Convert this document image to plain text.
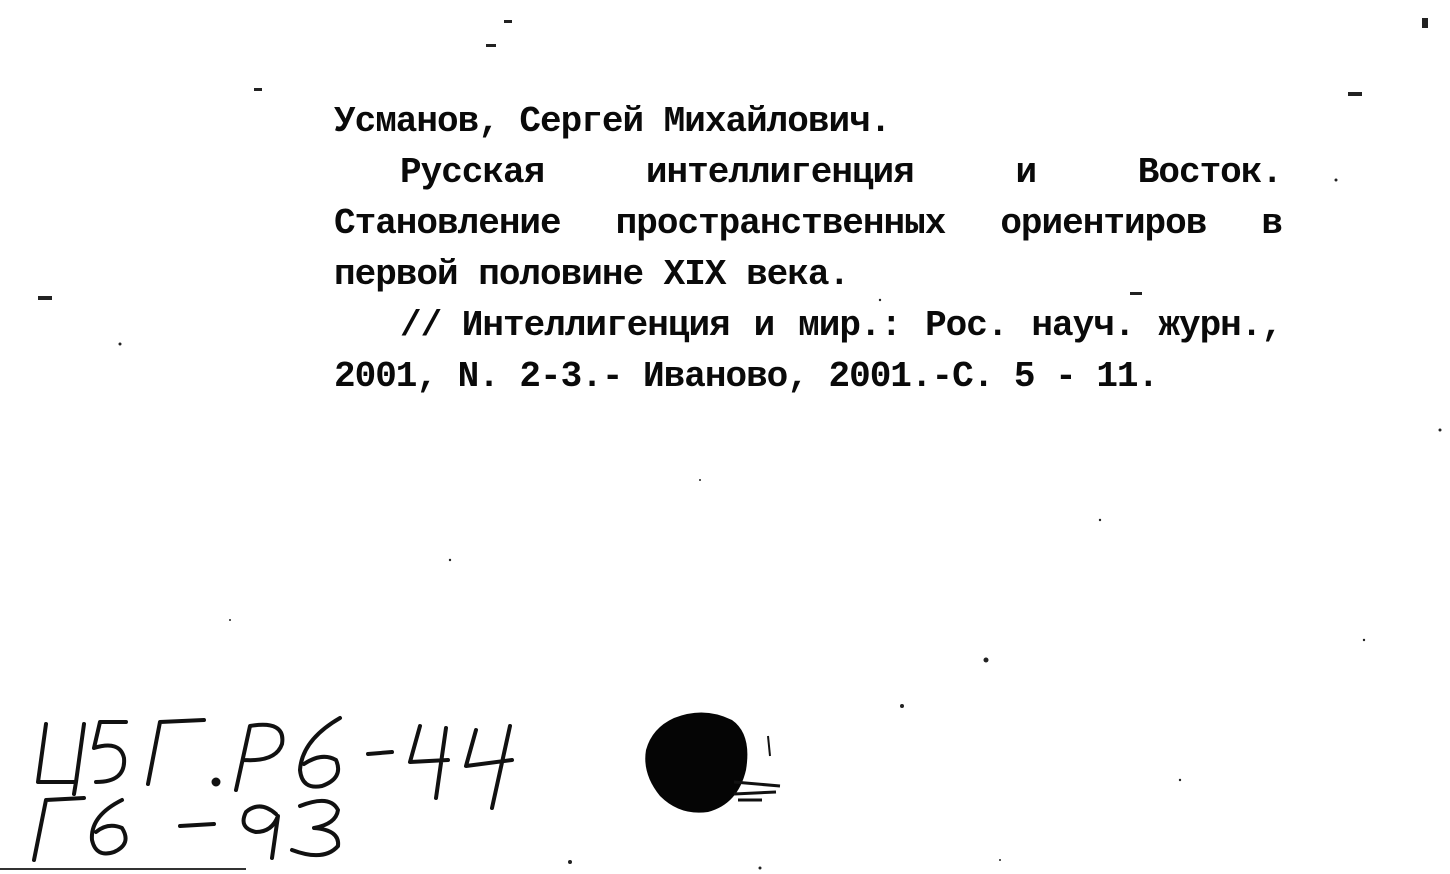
Усманов, Сергей Михайлович.
Русская	интеллигенция	и	Восток.
Становление пространственных ориентиров в
первой половине XIX века.
// Интеллигенция и мир.: Рос. науч. журн.,
2001, N. 2-3.- Иваново, 2001.-С. 5 - 11.
